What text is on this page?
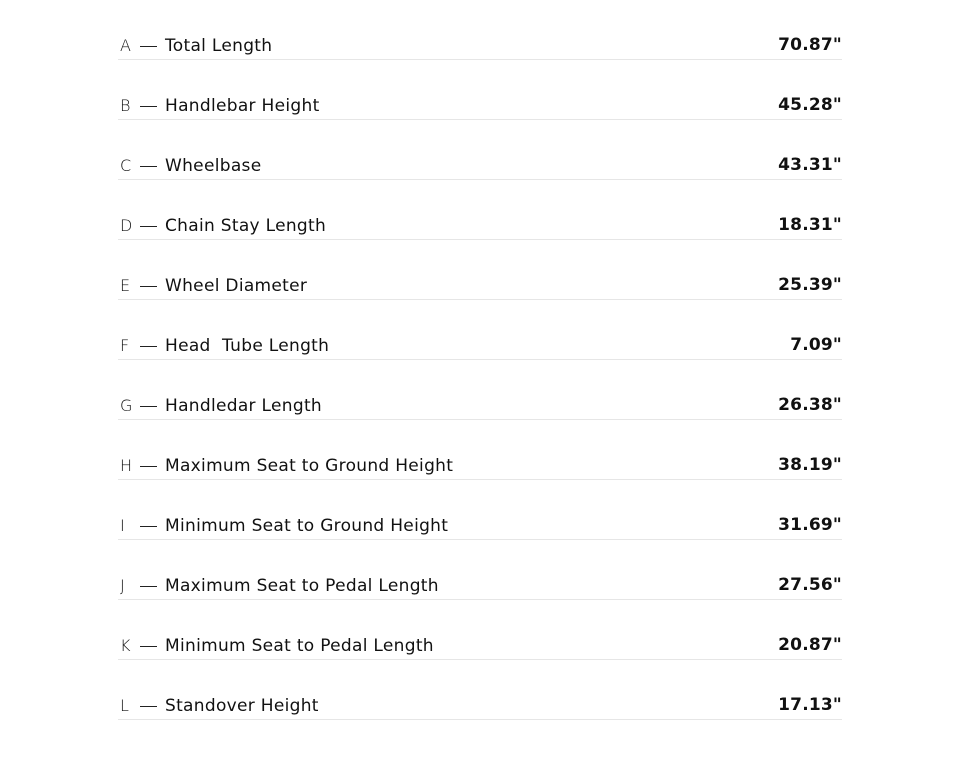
A Total Length	70.87"
B	Handlebar Height	45.28"
C Wheelbase	43.31"
D Chain Stay Length	18.31"
E	Wheel Diameter	25.39"
F	Head  Tube Length	7.09"
G Handledar Length	26.38"
H Maximum Seat to Ground Height	38.19"
I	Minimum Seat to Ground Height	31.69"
J	Maximum Seat to Pedal Length	27.56"
K	Minimum Seat to Pedal Length	20.87"
L	Standover Height	17.13"
